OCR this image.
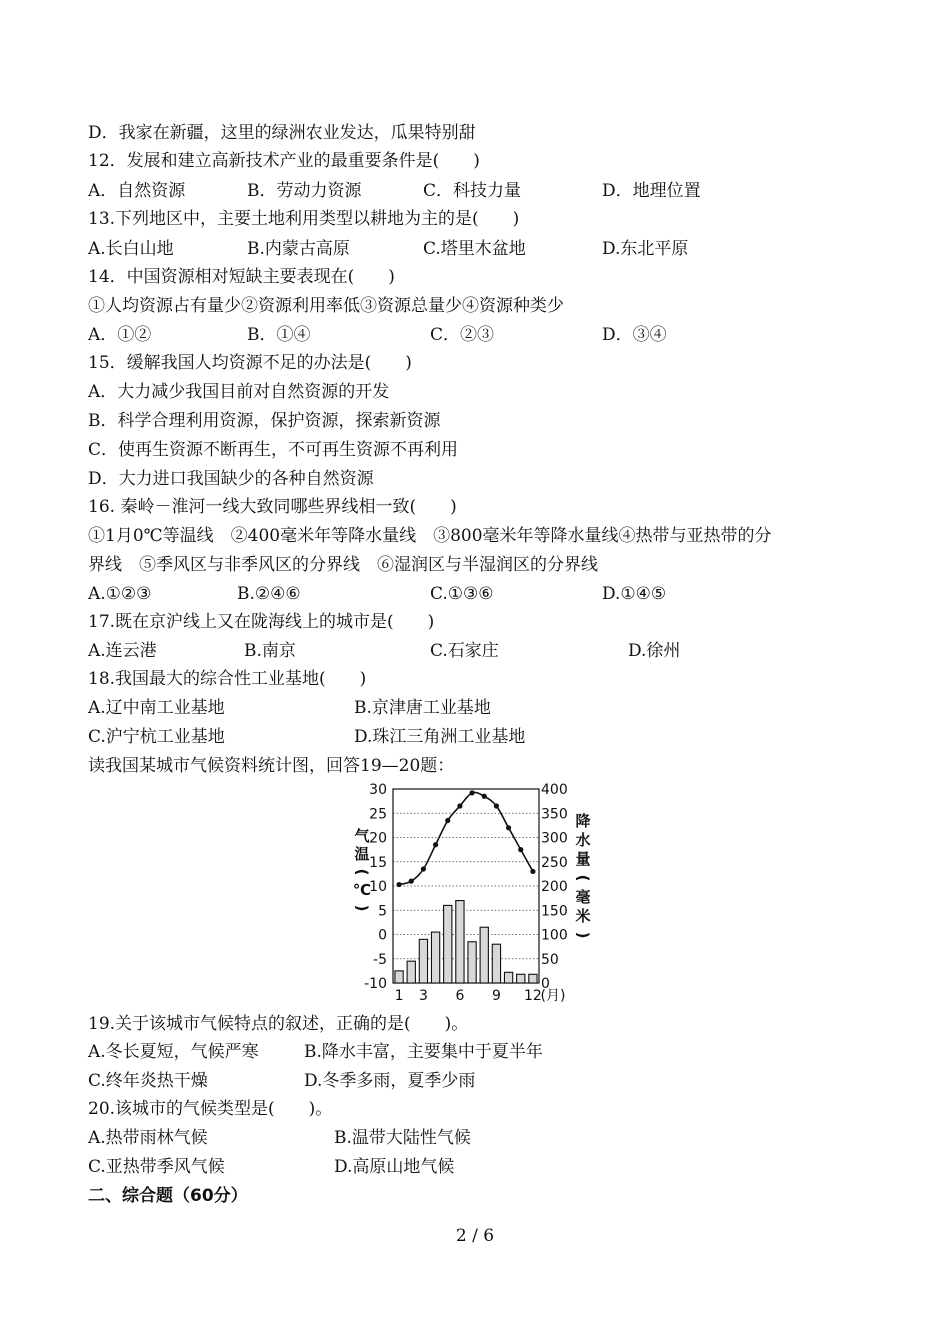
D．我家在新疆，这里的绿洲农业发达，瓜果特别甜
12．发展和建立高新技术产业的最重要条件是(　　)
A．自然资源	B．劳动力资源	C．科技力量	D．地理位置
13.下列地区中，主要土地利用类型以耕地为主的是(　　)
A.长白山地	B.内蒙古高原	C.塔里木盆地	D.东北平原
14．中国资源相对短缺主要表现在(　　)
①人均资源占有量少②资源利用率低③资源总量少④资源种类少
A．①②	B．①④	C．②③	D．③④
15．缓解我国人均资源不足的办法是(　　)
A．大力减少我国目前对自然资源的开发
B．科学合理利用资源，保护资源，探索新资源
C．使再生资源不断再生，不可再生资源不再利用
D．大力进口我国缺少的各种自然资源
16. 秦岭－淮河一线大致同哪些界线相一致(　　)
①1月0℃等温线　②400毫米年等降水量线　③800毫米年等降水量线④热带与亚热带的分
界线　⑤季风区与非季风区的分界线　⑥湿润区与半湿润区的分界线
A.①②③	B.②④⑥	C.①③⑥	D.①④⑤
17.既在京沪线上又在陇海线上的城市是(　　)
A.连云港	B.南京	C.石家庄	D.徐州
18.我国最大的综合性工业基地(　　)
A.辽中南工业基地	B.京津唐工业基地
C.沪宁杭工业基地	D.珠江三角洲工业基地
读我国某城市气候资料统计图，回答19—20题：
30
25
20
15
10
5
0
-5
-10
400
350
300
250
200
150
100
50
0
气
温
(
℃
)
降
水
量
(
毫
米
)
1 3 6 9 12
(月)
19.关于该城市气候特点的叙述，正确的是(　　)。
A.冬长夏短，气候严寒	B.降水丰富，主要集中于夏半年
C.终年炎热干燥	D.冬季多雨，夏季少雨
20.该城市的气候类型是(　　)。
A.热带雨林气候	B.温带大陆性气候
C.亚热带季风气候	D.高原山地气候
二、综合题（60分）
2 / 6
